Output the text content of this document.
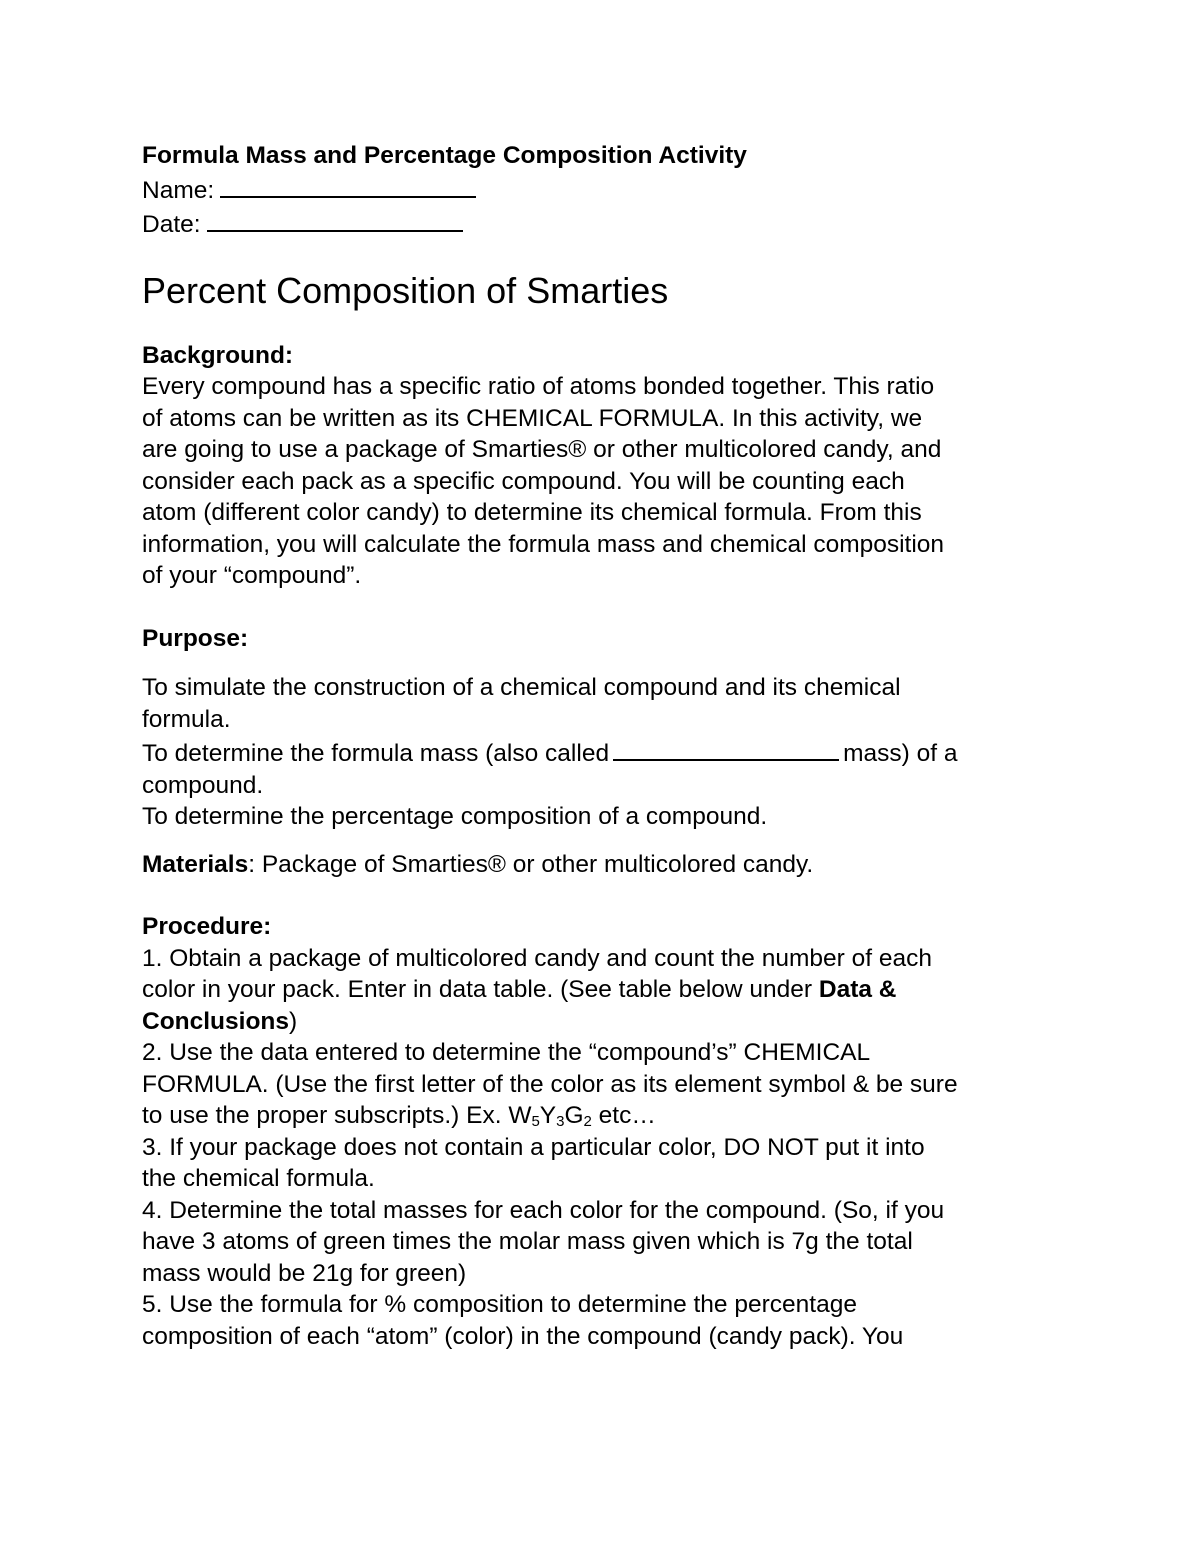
Formula Mass and Percentage Composition Activity
Name:
Date:
Percent Composition of Smarties
Background:
Every compound has a specific ratio of atoms bonded together. This ratio
of atoms can be written as its CHEMICAL FORMULA. In this activity, we
are going to use a package of Smarties® or other multicolored candy, and
consider each pack as a specific compound. You will be counting each
atom (different color candy) to determine its chemical formula. From this
information, you will calculate the formula mass and chemical composition
of your “compound”.
Purpose:
To simulate the construction of a chemical compound and its chemical
formula.
To determine the formula mass (also called	mass) of a
compound.
To determine the percentage composition of a compound.
Materials: Package of Smarties® or other multicolored candy.
Procedure:
1. Obtain a package of multicolored candy and count the number of each
color in your pack. Enter in data table. (See table below under Data &
Conclusions)
2. Use the data entered to determine the “compound’s” CHEMICAL
FORMULA. (Use the first letter of the color as its element symbol & be sure
to use the proper subscripts.) Ex. $W_5Y_3G_2$ etc…
3. If your package does not contain a particular color, DO NOT put it into
the chemical formula.
4. Determine the total masses for each color for the compound. (So, if you
have 3 atoms of green times the molar mass given which is 7g the total
mass would be 21g for green)
5. Use the formula for % composition to determine the percentage
composition of each “atom” (color) in the compound (candy pack). You
